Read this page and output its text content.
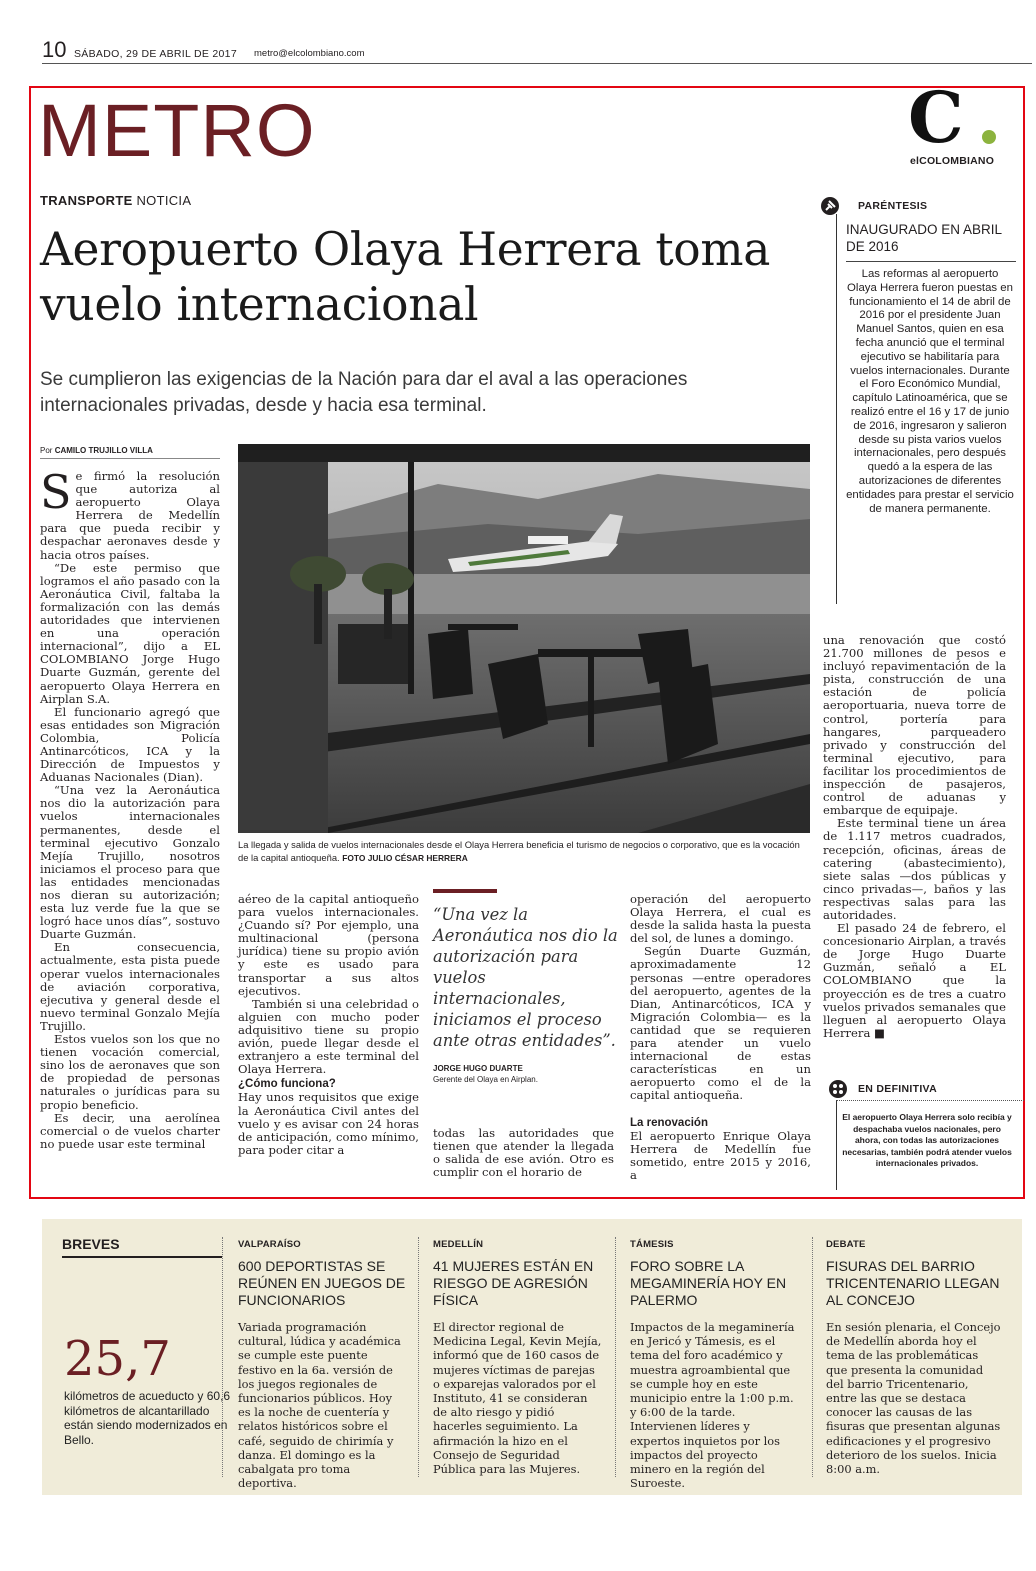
10 SÁBADO, 29 DE ABRIL DE 2017 metro@elcolombiano.com
METRO	C
elCOLOMBIANO
TRANSPORTE NOTICIA
Aeropuerto Olaya Herrera toma vuelo internacional
Se cumplieron las exigencias de la Nación para dar el aval a las operaciones internacionales privadas, desde y hacia esa terminal.
Por CAMILO TRUJILLO VILLA

Se firmó la resolución que autoriza al aeropuerto Olaya Herrera de Medellín para que pueda recibir y despachar aeronaves desde y hacia otros países.

“De este permiso que logramos el año pasado con la Aeronáutica Civil, faltaba la formalización con las demás autoridades que intervienen en una operación internacional”, dijo a EL COLOMBIANO Jorge Hugo Duarte Guzmán, gerente del aeropuerto Olaya Herrera en Airplan S.A.

El funcionario agregó que esas entidades son Migración Colombia, Policía Antinarcóticos, ICA y la Dirección de Impuestos y Aduanas Nacionales (Dian).

“Una vez la Aeronáutica nos dio la autorización para vuelos internacionales permanentes, desde el terminal ejecutivo Gonzalo Mejía Trujillo, nosotros iniciamos el proceso para que las entidades mencionadas nos dieran su autorización; esta luz verde fue la que se logró hace unos días”, sostuvo Duarte Guzmán.

En consecuencia, actualmente, esta pista puede operar vuelos internacionales de aviación corporativa, ejecutiva y general desde el nuevo terminal Gonzalo Mejía Trujillo.

Estos vuelos son los que no tienen vocación comercial, sino los de aeronaves que son de propiedad de personas naturales o jurídicas para su propio beneficio.

Es decir, una aerolínea comercial o de vuelos charter no puede usar este terminal

La llegada y salida de vuelos internacionales desde el Olaya Herrera beneficia el turismo de negocios o corporativo, que es la vocación de la capital antioqueña. FOTO JULIO CÉSAR HERRERA

aéreo de la capital antioqueño para vuelos internacionales. ¿Cuando sí? Por ejemplo, una multinacional (persona jurídica) tiene su propio avión y este es usado para transportar a sus altos ejecutivos.

También si una celebridad o alguien con mucho poder adquisitivo tiene su propio avión, puede llegar desde el extranjero a este terminal del Olaya Herrera.

¿Cómo funciona?

Hay unos requisitos que exige la Aeronáutica Civil antes del vuelo y es avisar con 24 horas de anticipación, como mínimo, para poder citar a

“Una vez la Aeronáutica nos dio la autorización para vuelos internacionales, iniciamos el proceso ante otras entidades”.
JORGE HUGO DUARTE
Gerente del Olaya en Airplan.

todas las autoridades que tienen que atender la llegada o salida de ese avión. Otro es cumplir con el horario de

operación del aeropuerto Olaya Herrera, el cual es desde la salida hasta la puesta del sol, de lunes a domingo.

Según Duarte Guzmán, aproximadamente 12 personas —entre operadores del aeropuerto, agentes de la Dian, Antinarcóticos, ICA y Migración Colombia— es la cantidad que se requieren para atender un vuelo internacional de estas características en un aeropuerto como el de la capital antioqueña.

La renovación

El aeropuerto Enrique Olaya Herrera de Medellín fue sometido, entre 2015 y 2016, a

una renovación que costó 21.700 millones de pesos e incluyó repavimentación de la pista, construcción de una estación de policía aeroportuaria, nueva torre de control, portería para hangares, parqueadero privado y construcción del terminal ejecutivo, para facilitar los procedimientos de inspección de pasajeros, control de aduanas y embarque de equipaje.

Este terminal tiene un área de 1.117 metros cuadrados, recepción, oficinas, áreas de catering (abastecimiento), siete salas —dos públicas y cinco privadas—, baños y las respectivas salas para las autoridades.

El pasado 24 de febrero, el concesionario Airplan, a través de Jorge Hugo Duarte Guzmán, señaló a EL COLOMBIANO que la proyección es de tres a cuatro vuelos privados semanales que lleguen al aeropuerto Olaya Herrera ■

PARÉNTESIS
INAUGURADO EN ABRIL DE 2016
Las reformas al aeropuerto Olaya Herrera fueron puestas en funcionamiento el 14 de abril de 2016 por el presidente Juan Manuel Santos, quien en esa fecha anunció que el terminal ejecutivo se habilitaría para vuelos internacionales. Durante el Foro Económico Mundial, capítulo Latinoamérica, que se realizó entre el 16 y 17 de junio de 2016, ingresaron y salieron desde su pista varios vuelos internacionales, pero después quedó a la espera de las autorizaciones de diferentes entidades para prestar el servicio de manera permanente.
EN DEFINITIVA
El aeropuerto Olaya Herrera solo recibía y despachaba vuelos nacionales, pero ahora, con todas las autorizaciones necesarias, también podrá atender vuelos internacionales privados.
BREVES
25,7
kilómetros de acueducto y 60,6 kilómetros de alcantarillado están siendo modernizados en Bello.
VALPARAÍSO
600 DEPORTISTAS SE REÚNEN EN JUEGOS DE FUNCIONARIOS
Variada programación cultural, lúdica y académica se cumple este puente festivo en la 6a. versión de los juegos regionales de funcionarios públicos. Hoy es la noche de cuentería y relatos históricos sobre el café, seguido de chirimía y danza. El domingo es la cabalgata pro toma deportiva.
MEDELLÍN
41 MUJERES ESTÁN EN RIESGO DE AGRESIÓN FÍSICA
El director regional de Medicina Legal, Kevin Mejía, informó que de 160 casos de mujeres víctimas de parejas o exparejas valorados por el Instituto, 41 se consideran de alto riesgo y pidió hacerles seguimiento. La afirmación la hizo en el Consejo de Seguridad Pública para las Mujeres.
TÁMESIS
FORO SOBRE LA MEGAMINERÍA HOY EN PALERMO
Impactos de la megaminería en Jericó y Támesis, es el tema del foro académico y muestra agroambiental que se cumple hoy en este municipio entre la 1:00 p.m. y 6:00 de la tarde. Intervienen líderes y expertos inquietos por los impactos del proyecto minero en la región del Suroeste.
DEBATE
FISURAS DEL BARRIO TRICENTENARIO LLEGAN AL CONCEJO
En sesión plenaria, el Concejo de Medellín aborda hoy el tema de las problemáticas que presenta la comunidad del barrio Tricentenario, entre las que se destaca conocer las causas de las fisuras que presentan algunas edificaciones y el progresivo deterioro de los suelos. Inicia 8:00 a.m.
